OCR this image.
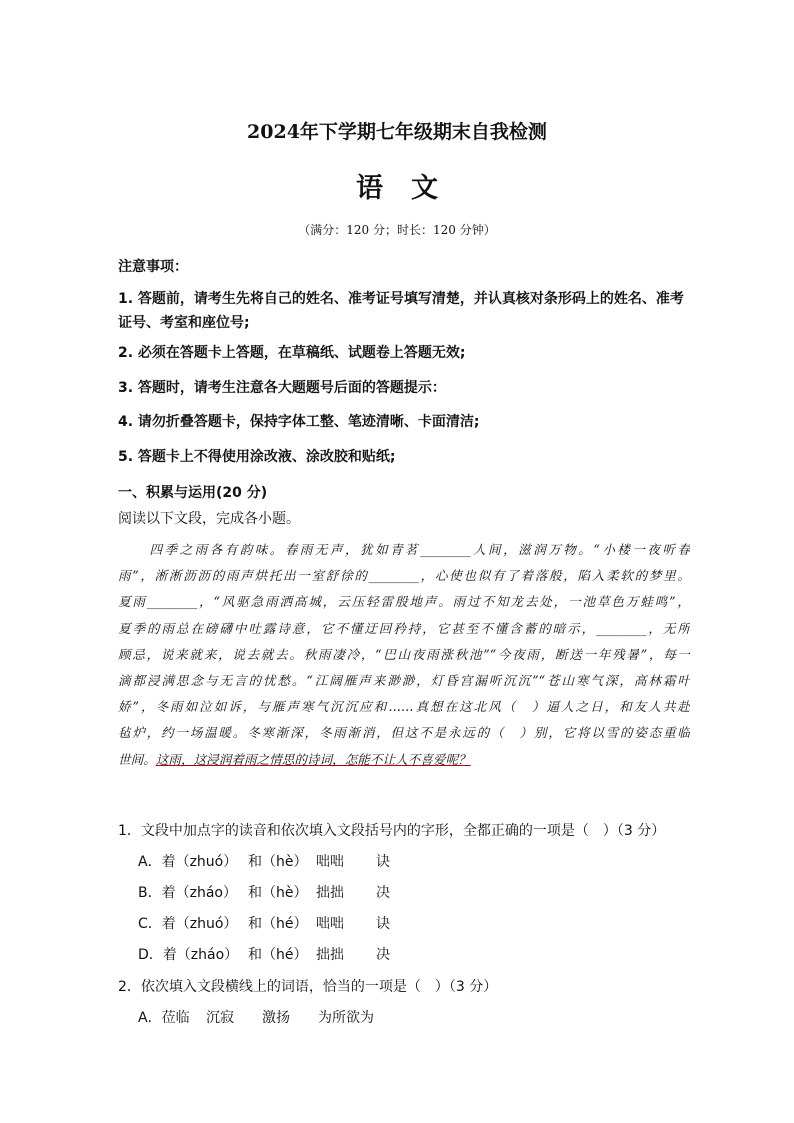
2024年下学期七年级期末自我检测
语文
（满分：120 分；时长：120 分钟）
注意事项：
1. 答题前，请考生先将自己的姓名、准考证号填写清楚，并认真核对条形码上的姓名、准考证号、考室和座位号;
2. 必须在答题卡上答题，在草稿纸、试题卷上答题无效;
3. 答题时，请考生注意各大题题号后面的答题提示：
4. 请勿折叠答题卡，保持字体工整、笔迹清晰、卡面清洁;
5. 答题卡上不得使用涂改液、涂改胶和贴纸;
一、积累与运用(20 分)
阅读以下文段，完成各小题。
四季之雨各有韵味。春雨无声，犹如青茗________人间，滋润万物。“小楼一夜听春
雨”，淅淅沥沥的雨声烘托出一室舒徐的________，心使也似有了着落般，陷入柔软的梦里。
夏雨________，“风驱急雨洒高城，云压轻雷殷地声。雨过不知龙去处，一池草色万蛙鸣”，
夏季的雨总在磅礴中吐露诗意，它不懂迂回矜持，它甚至不懂含蓄的暗示，________，无所
顾忌，说来就来，说去就去。秋雨凄冷，“巴山夜雨涨秋池”“今夜雨，断送一年残暑”，每一
滴都浸满思念与无言的忧愁。“江阔雁声来渺渺，灯昏宫漏听沉沉”“苍山寒气深，高林霜叶
娇”，冬雨如泣如诉，与雁声寒气沉沉应和……真想在这北风（　）逼人之日，和友人共赴
毡炉，约一场温暖。冬寒渐深，冬雨渐消，但这不是永远的（　）别，它将以雪的姿态重临
世间。这雨，这浸润着雨之情思的诗词，怎能不让人不喜爱呢？
1．文段中加点字的读音和依次填入文段括号内的字形，全都正确的一项是（　）（3 分）
A．着（zhuó） 和（hè） 咄咄 诀
B．着（zháo） 和（hè） 拙拙 决
C．着（zhuó） 和（hé） 咄咄 诀
D．着（zháo） 和（hé） 拙拙 决
2．依次填入文段横线上的词语，恰当的一项是（　）（3 分）
A．莅临 沉寂 激扬 为所欲为
